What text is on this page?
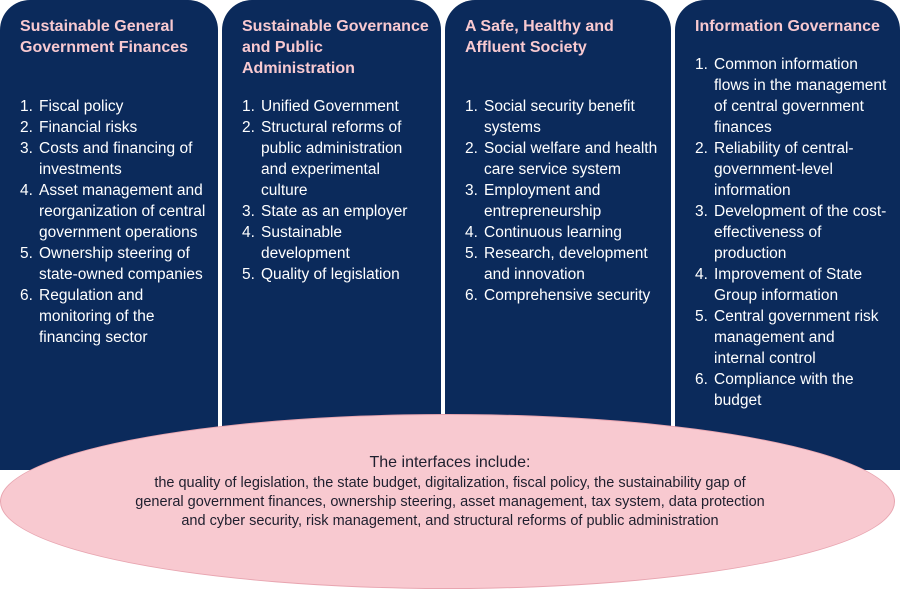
Sustainable General Government Finances
1. Fiscal policy
2. Financial risks
3. Costs and financing of investments
4. Asset management and reorganization of central government operations
5. Ownership steering of state-owned companies
6. Regulation and monitoring of the financing sector
Sustainable Governance and Public Administration
1. Unified Government
2. Structural reforms of public administration and experimental culture
3. State as an employer
4. Sustainable development
5. Quality of legislation
A Safe, Healthy and Affluent Society
1. Social security benefit systems
2. Social welfare and health care service system
3. Employment and entrepreneurship
4. Continuous learning
5. Research, development and innovation
6. Comprehensive security
Information Governance
1. Common information flows in the management of central government finances
2. Reliability of central-government-level information
3. Development of the cost-effectiveness of production
4. Improvement of State Group information
5. Central government risk management and internal control
6. Compliance with the budget
The interfaces include:
the quality of legislation, the state budget, digitalization, fiscal policy, the sustainability gap of general government finances, ownership steering, asset management, tax system, data protection and cyber security, risk management, and structural reforms of public administration
